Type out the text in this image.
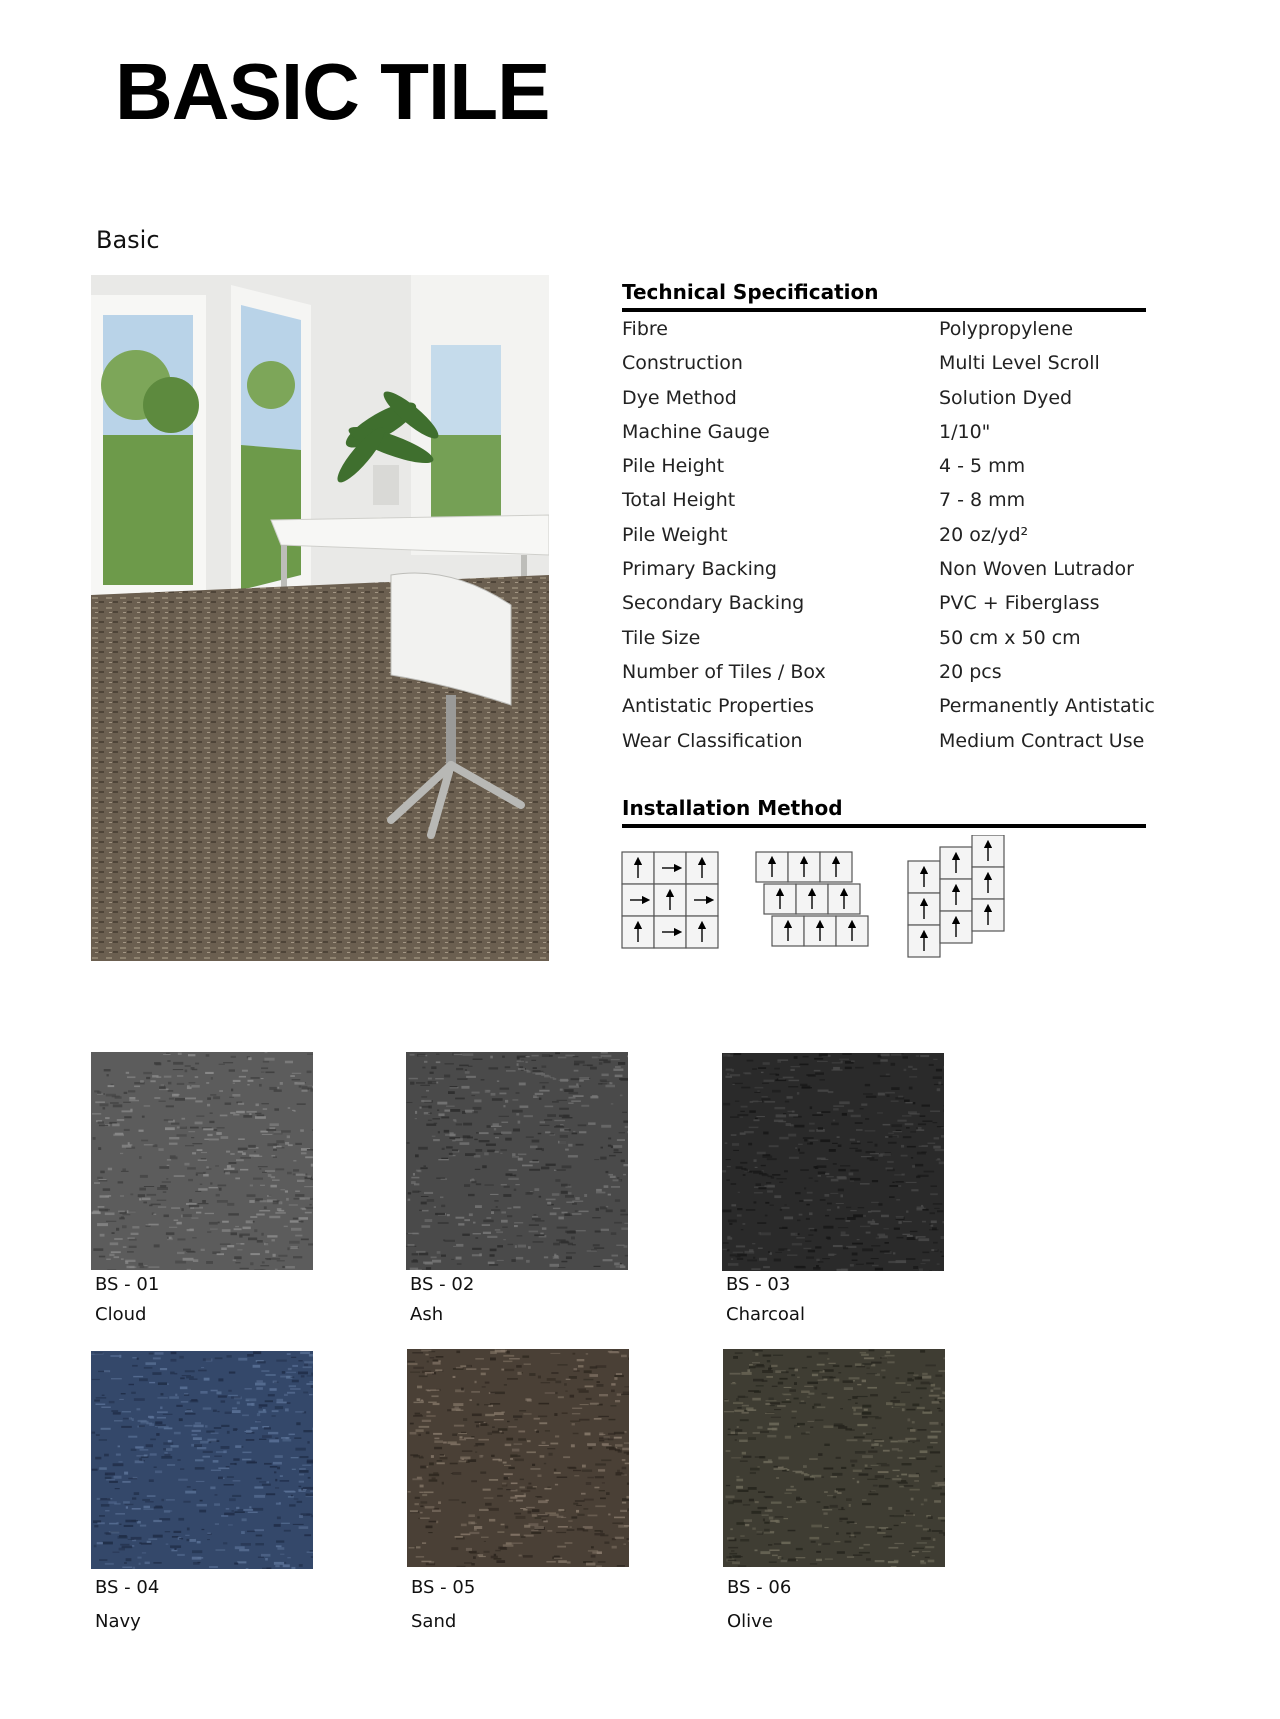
BASIC TILE
Basic
Technical Specification
Fibre	Polypropylene
Construction	Multi Level Scroll
Dye Method	Solution Dyed
Machine Gauge	1/10"
Pile Height	4 - 5 mm
Total Height	7 - 8 mm
Pile Weight	20 oz/yd²
Primary Backing	Non Woven Lutrador
Secondary Backing	PVC + Fiberglass
Tile Size	50 cm x 50 cm
Number of Tiles / Box	20 pcs
Antistatic Properties	Permanently Antistatic
Wear Classification	Medium Contract Use
Installation Method
BS - 01
Cloud
BS - 02
Ash
BS - 03
Charcoal
BS - 04
Navy
BS - 05
Sand
BS - 06
Olive
